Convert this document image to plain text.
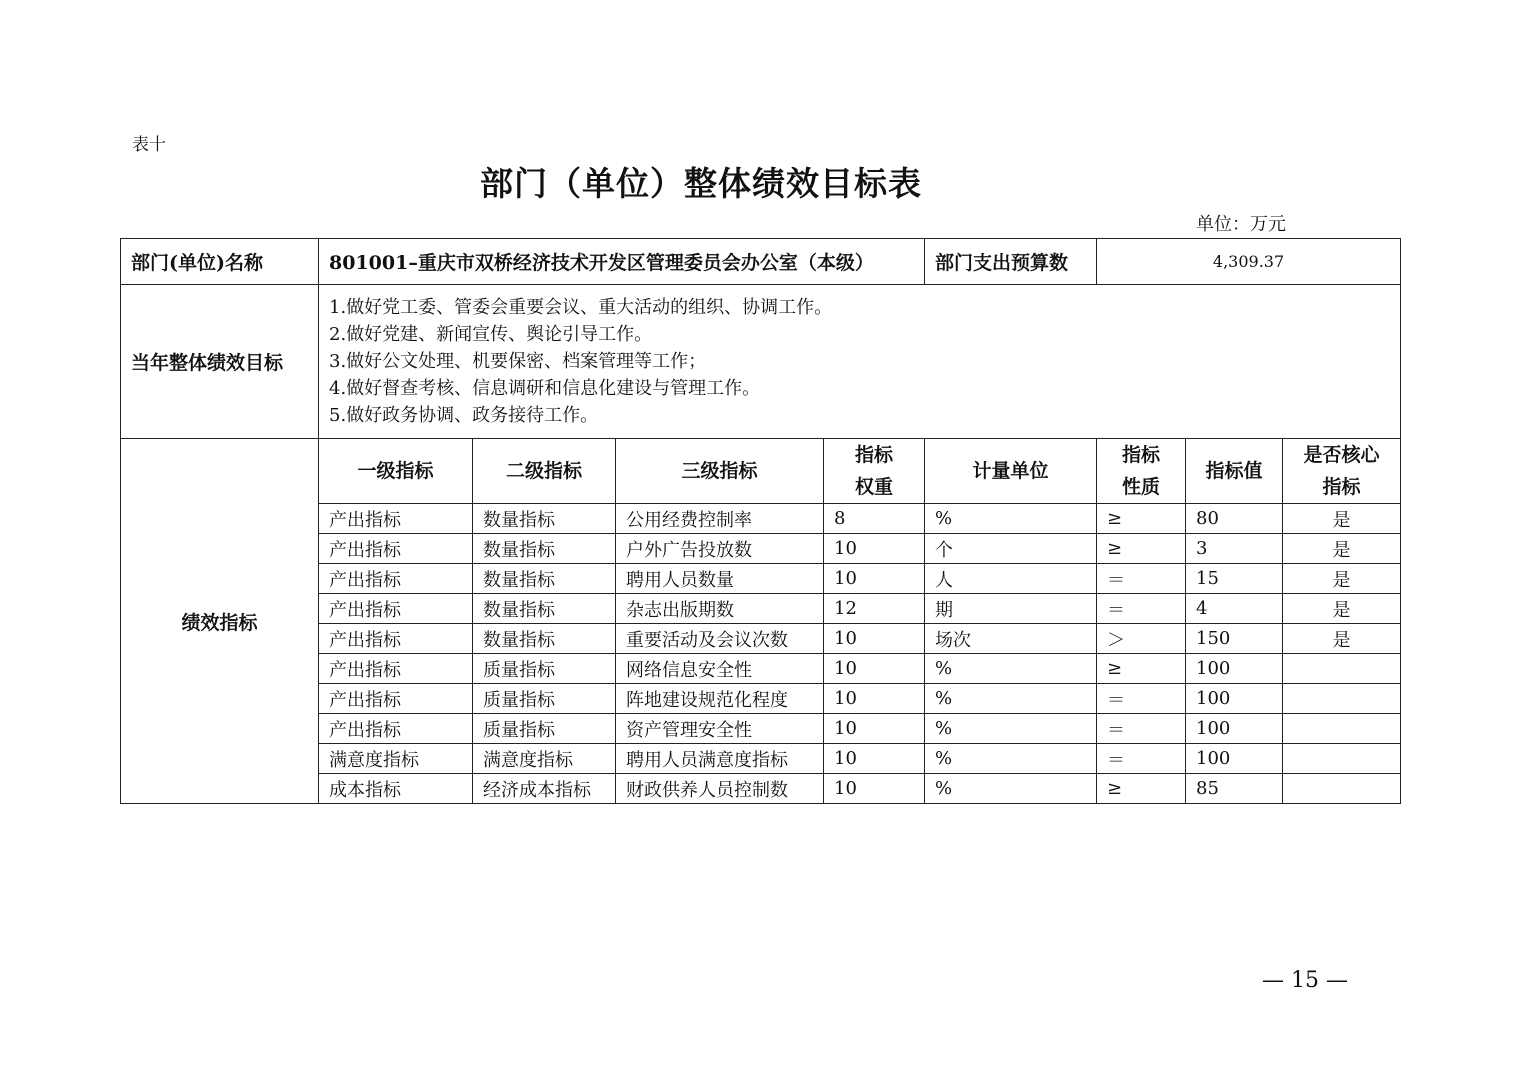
表十
部门（单位）整体绩效目标表
单位：万元
部门(单位)名称	801001–重庆市双桥经济技术开发区管理委员会办公室（本级）				部门支出预算数	4,309.37		
当年整体绩效目标	1.做好党工委、管委会重要会议、重大活动的组织、协调工作。
2.做好党建、新闻宣传、舆论引导工作。
3.做好公文处理、机要保密、档案管理等工作；
4.做好督查考核、信息调研和信息化建设与管理工作。
5.做好政务协调、政务接待工作。							

绩效指标	一级指标	二级指标	三级指标	指标权重	计量单位	指标性质	指标值	是否核心指标
	产出指标	数量指标	公用经费控制率	8	%	≥	80	是
	产出指标	数量指标	户外广告投放数	10	个	≥	3	是
	产出指标	数量指标	聘用人员数量	10	人	＝	15	是
	产出指标	数量指标	杂志出版期数	12	期	＝	4	是
	产出指标	数量指标	重要活动及会议次数	10	场次	＞	150	是
	产出指标	质量指标	网络信息安全性	10	%	≥	100	
	产出指标	质量指标	阵地建设规范化程度	10	%	＝	100	
	产出指标	质量指标	资产管理安全性	10	%	＝	100	
	满意度指标	满意度指标	聘用人员满意度指标	10	%	＝	100	
	成本指标	经济成本指标	财政供养人员控制数	10	%	≥	85	
— 15 —
